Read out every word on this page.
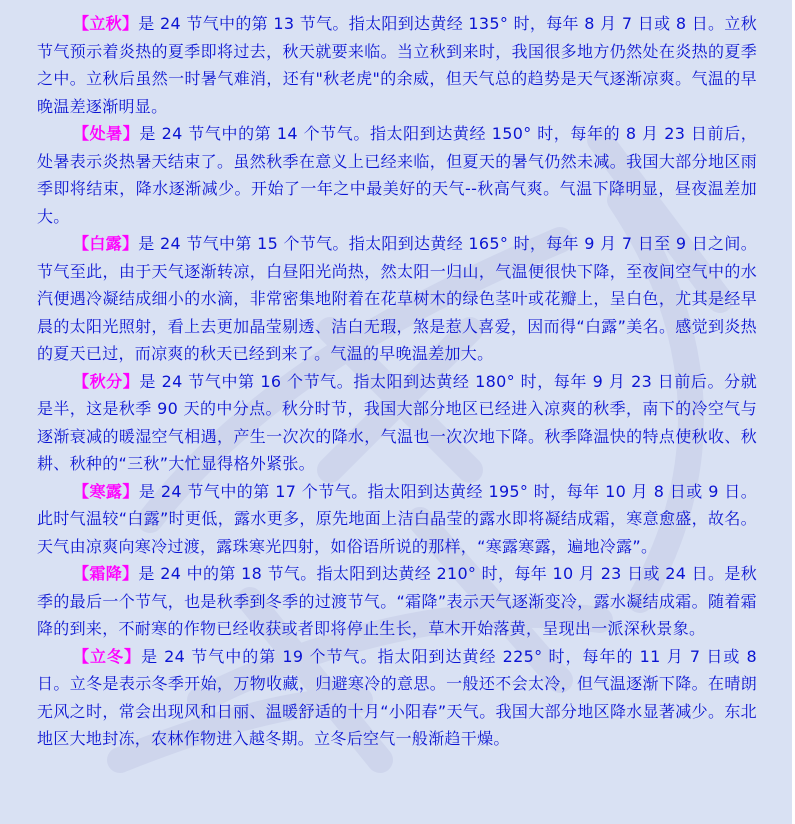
【立秋】是 24 节气中的第 13 节气。指太阳到达黄经 135° 时，每年 8 月 7 日或 8 日。立秋节气预示着炎热的夏季即将过去，秋天就要来临。当立秋到来时，我国很多地方仍然处在炎热的夏季之中。立秋后虽然一时暑气难消，还有"秋老虎"的余威，但天气总的趋势是天气逐渐凉爽。气温的早晚温差逐渐明显。

【处暑】是 24 节气中的第 14 个节气。指太阳到达黄经 150° 时，每年的 8 月 23 日前后，处暑表示炎热暑天结束了。虽然秋季在意义上已经来临，但夏天的暑气仍然未减。我国大部分地区雨季即将结束，降水逐渐减少。开始了一年之中最美好的天气--秋高气爽。气温下降明显，昼夜温差加大。

【白露】是 24 节气中第 15 个节气。指太阳到达黄经 165° 时，每年 9 月 7 日至 9 日之间。节气至此，由于天气逐渐转凉，白昼阳光尚热，然太阳一归山，气温便很快下降，至夜间空气中的水汽便遇冷凝结成细小的水滴，非常密集地附着在花草树木的绿色茎叶或花瓣上，呈白色，尤其是经早晨的太阳光照射，看上去更加晶莹剔透、洁白无瑕，煞是惹人喜爱，因而得“白露”美名。感觉到炎热的夏天已过，而凉爽的秋天已经到来了。气温的早晚温差加大。

【秋分】是 24 节气中第 16 个节气。指太阳到达黄经 180° 时，每年 9 月 23 日前后。分就是半，这是秋季 90 天的中分点。秋分时节，我国大部分地区已经进入凉爽的秋季，南下的冷空气与逐渐衰减的暖湿空气相遇，产生一次次的降水，气温也一次次地下降。秋季降温快的特点使秋收、秋耕、秋种的“三秋”大忙显得格外紧张。

【寒露】是 24 节气中的第 17 个节气。指太阳到达黄经 195° 时，每年 10 月 8 日或 9 日。此时气温较“白露”时更低，露水更多，原先地面上洁白晶莹的露水即将凝结成霜，寒意愈盛，故名。天气由凉爽向寒冷过渡，露珠寒光四射，如俗语所说的那样，“寒露寒露，遍地冷露”。

【霜降】是 24 中的第 18 节气。指太阳到达黄经 210° 时，每年 10 月 23 日或 24 日。是秋季的最后一个节气，也是秋季到冬季的过渡节气。“霜降”表示天气逐渐变冷，露水凝结成霜。随着霜降的到来，不耐寒的作物已经收获或者即将停止生长，草木开始落黄，呈现出一派深秋景象。

【立冬】是 24 节气中的第 19 个节气。指太阳到达黄经 225° 时，每年的 11 月 7 日或 8 日。立冬是表示冬季开始，万物收藏，归避寒冷的意思。一般还不会太冷，但气温逐渐下降。在晴朗无风之时，常会出现风和日丽、温暖舒适的十月“小阳春”天气。我国大部分地区降水显著减少。东北地区大地封冻，农林作物进入越冬期。立冬后空气一般渐趋干燥。
